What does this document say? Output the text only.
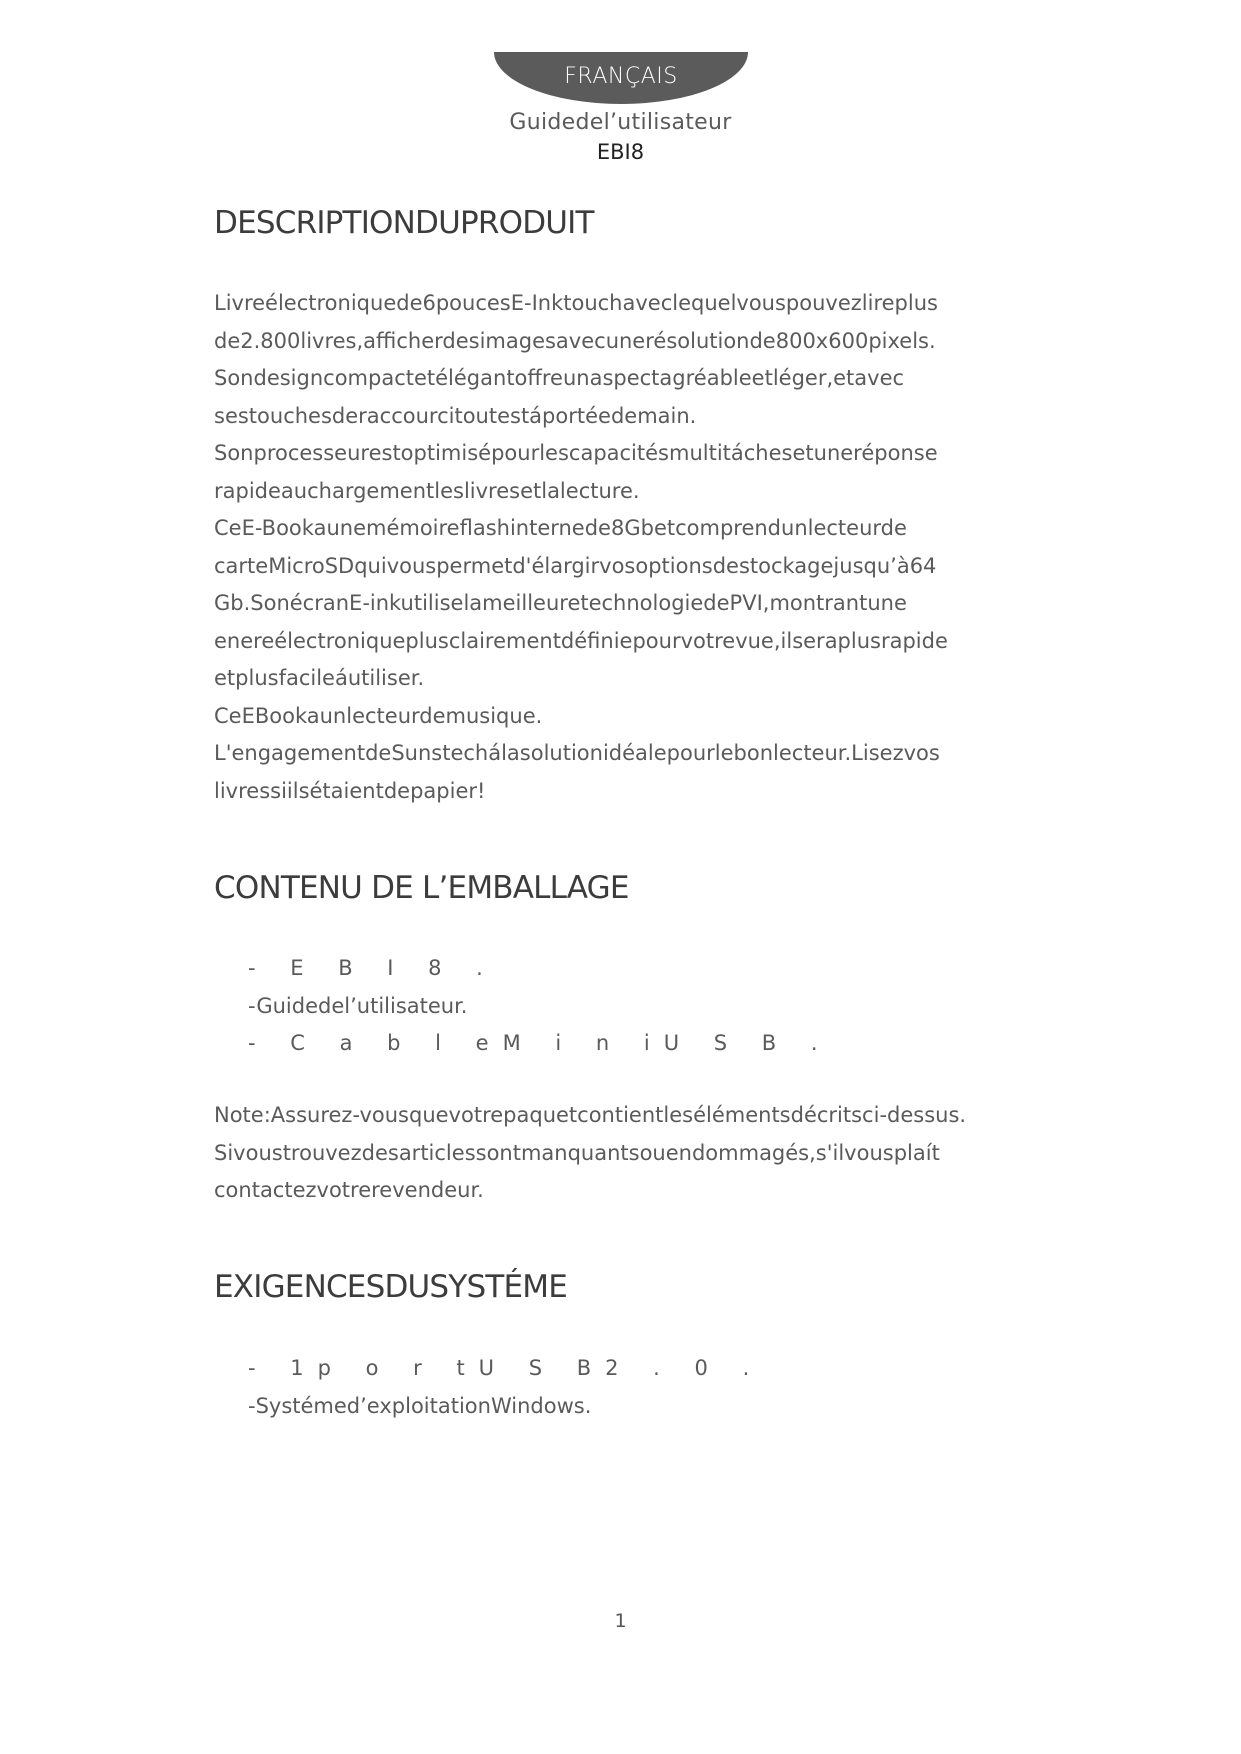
FRANÇAIS
Guidedel’utilisateur
EBI8
DESCRIPTIONDUPRODUIT
Livreélectroniquede6poucesE-Inktouchaveclequelvouspouvezlireplus
de2.800livres,afficherdesimagesavecunerésolutionde800x600pixels.
Sondesigncompactetélégantoffreunaspectagréableetléger,etavec
sestouchesderaccourcitoutestáportéedemain.
Sonprocesseurestoptimisépourlescapacitésmultitáchesetuneréponse
rapideauchargementleslivresetlalecture.
CeE-Bookaunemémoireflashinternede8Gbetcomprendunlecteurde
carteMicroSDquivouspermetd'élargirvosoptionsdestockagejusqu’à64
Gb.SonécranE-inkutiliselameilleuretechnologiedePVI,montrantune
enereélectroniqueplusclairementdéfiniepourvotrevue,ilseraplusrapide
etplusfacileáutiliser.
CeEBookaunlecteurdemusique.
L'engagementdeSunstechálasolutionidéalepourlebonlecteur.Lisezvos
livressiilsétaientdepapier!
CONTENU DE L’EMBALLAGE
- E B I 8 .
-Guidedel’utilisateur.
- C a b l eM i n iU S B .
Note:Assurez-vousquevotrepaquetcontientlesélémentsdécritsci-dessus.
Sivoustrouvezdesarticlessontmanquantsouendommagés,s'ilvousplaít
contactezvotrerevendeur.
EXIGENCESDUSYSTÉME
- 1p o r tU S B2 . 0 .
-Systémed’exploitationWindows.
1
